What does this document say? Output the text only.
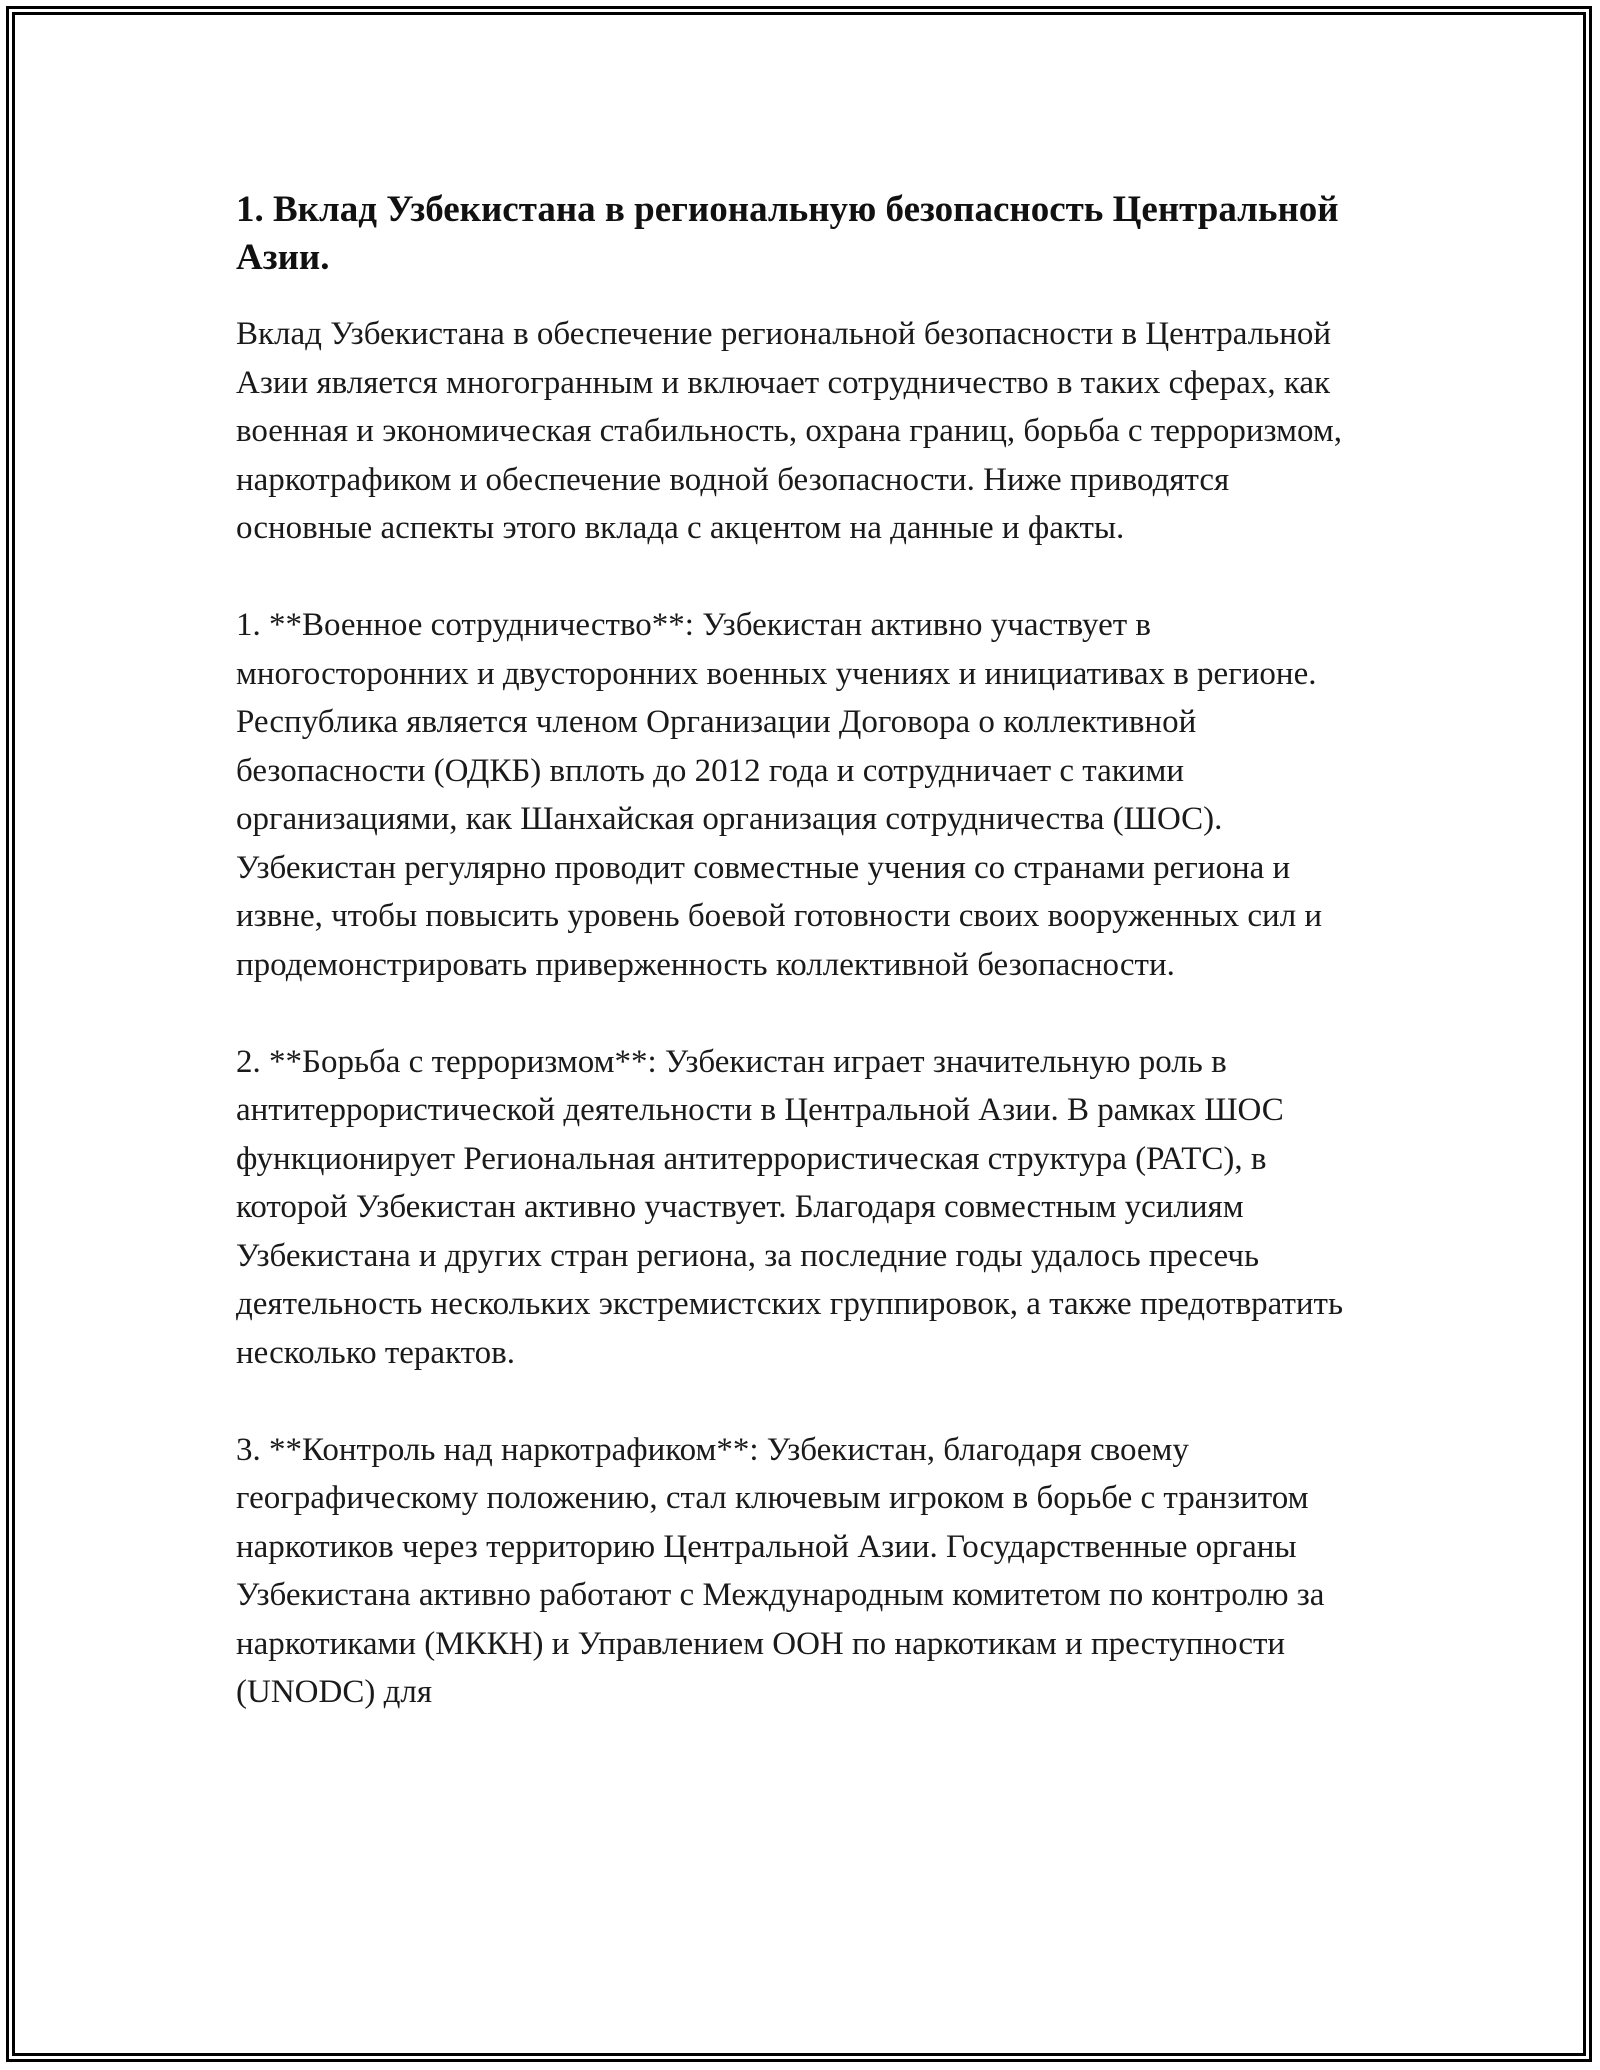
1. Вклад Узбекистана в региональную безопасность Центральной Азии.

Вклад Узбекистана в обеспечение региональной безопасности в Центральной Азии является многогранным и включает сотрудничество в таких сферах, как военная и экономическая стабильность, охрана границ, борьба с терроризмом, наркотрафиком и обеспечение водной безопасности. Ниже приводятся основные аспекты этого вклада с акцентом на данные и факты.

1. **Военное сотрудничество**: Узбекистан активно участвует в многосторонних и двусторонних военных учениях и инициативах в регионе. Республика является членом Организации Договора о коллективной безопасности (ОДКБ) вплоть до 2012 года и сотрудничает с такими организациями, как Шанхайская организация сотрудничества (ШОС). Узбекистан регулярно проводит совместные учения со странами региона и извне, чтобы повысить уровень боевой готовности своих вооруженных сил и продемонстрировать приверженность коллективной безопасности.

2. **Борьба с терроризмом**: Узбекистан играет значительную роль в антитеррористической деятельности в Центральной Азии. В рамках ШОС функционирует Региональная антитеррористическая структура (РАТС), в которой Узбекистан активно участвует. Благодаря совместным усилиям Узбекистана и других стран региона, за последние годы удалось пресечь деятельность нескольких экстремистских группировок, а также предотвратить несколько терактов.

3. **Контроль над наркотрафиком**: Узбекистан, благодаря своему географическому положению, стал ключевым игроком в борьбе с транзитом наркотиков через территорию Центральной Азии. Государственные органы Узбекистана активно работают с Международным комитетом по контролю за наркотиками (МККН) и Управлением ООН по наркотикам и преступности (UNODC) для
